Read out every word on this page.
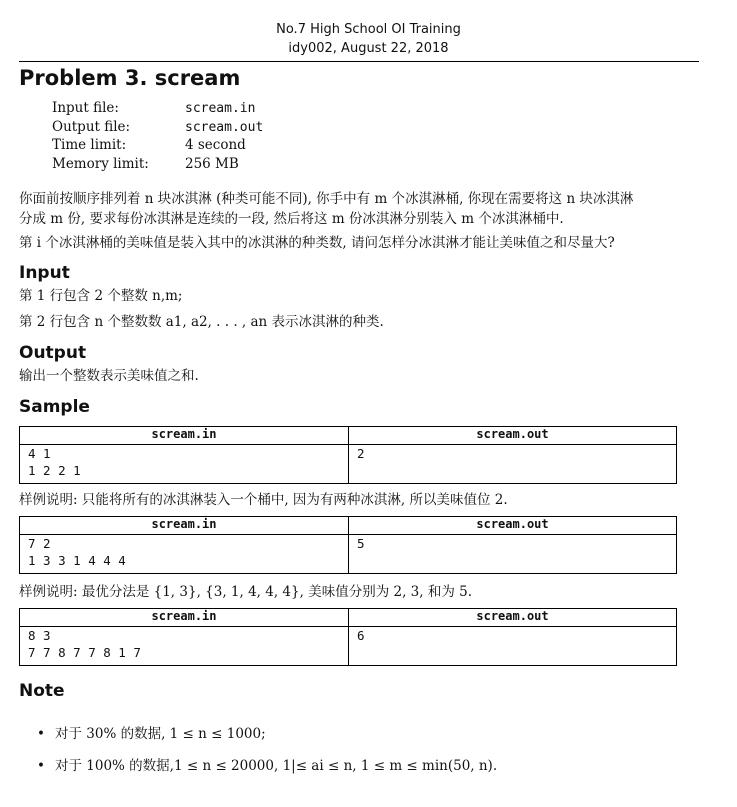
No.7 High School OI Training
idy002, August 22, 2018
Problem 3. scream
Input file:	scream.in
Output file:	scream.out
Time limit:	4 second
Memory limit:	256 MB
你面前按顺序排列着 n 块冰淇淋 (种类可能不同), 你手中有 m 个冰淇淋桶, 你现在需要将这 n 块冰淇淋
分成 m 份, 要求每份冰淇淋是连续的一段, 然后将这 m 份冰淇淋分别装入 m 个冰淇淋桶中.
第 i 个冰淇淋桶的美味值是装入其中的冰淇淋的种类数, 请问怎样分冰淇淋才能让美味值之和尽量大?
Input
第 1 行包含 2 个整数 n,m;
第 2 行包含 n 个整数数 a1, a2, . . . , an 表示冰淇淋的种类.
Output
输出一个整数表示美味值之和.
Sample
scream.in	scream.out

4 1
1 2 2 1	2
样例说明: 只能将所有的冰淇淋装入一个桶中, 因为有两种冰淇淋, 所以美味值位 2.
scream.in	scream.out

7 2
1 3 3 1 4 4 4	5
样例说明: 最优分法是 {1, 3}, {3, 1, 4, 4, 4}, 美味值分别为 2, 3, 和为 5.
scream.in	scream.out

8 3
7 7 8 7 7 8 1 7	6
Note
• 对于 30% 的数据, 1 ≤ n ≤ 1000;
• 对于 100% 的数据,1 ≤ n ≤ 20000, 1|≤ ai ≤ n, 1 ≤ m ≤ min(50, n).
